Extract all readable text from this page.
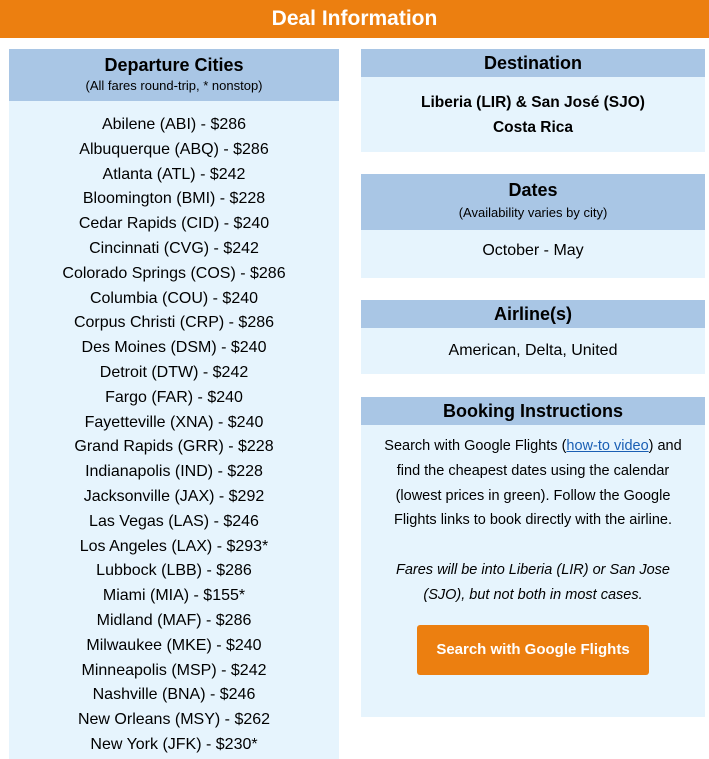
Deal Information
Departure Cities
(All fares round-trip, * nonstop)
Abilene (ABI) - $286
Albuquerque (ABQ) - $286
Atlanta (ATL) - $242
Bloomington (BMI) - $228
Cedar Rapids (CID) - $240
Cincinnati (CVG) - $242
Colorado Springs (COS) - $286
Columbia (COU) - $240
Corpus Christi (CRP) - $286
Des Moines (DSM) - $240
Detroit (DTW) - $242
Fargo (FAR) - $240
Fayetteville (XNA) - $240
Grand Rapids (GRR) - $228
Indianapolis (IND) - $228
Jacksonville (JAX) - $292
Las Vegas (LAS) - $246
Los Angeles (LAX) - $293*
Lubbock (LBB) - $286
Miami (MIA) - $155*
Midland (MAF) - $286
Milwaukee (MKE) - $240
Minneapolis (MSP) - $242
Nashville (BNA) - $246
New Orleans (MSY) - $262
New York (JFK) - $230*
Destination
Liberia (LIR) & San José (SJO)
Costa Rica
Dates
(Availability varies by city)
October - May
Airline(s)
American, Delta, United
Booking Instructions
Search with Google Flights (how-to video) and find the cheapest dates using the calendar (lowest prices in green). Follow the Google Flights links to book directly with the airline.
Fares will be into Liberia (LIR) or San Jose (SJO), but not both in most cases.
Search with Google Flights
